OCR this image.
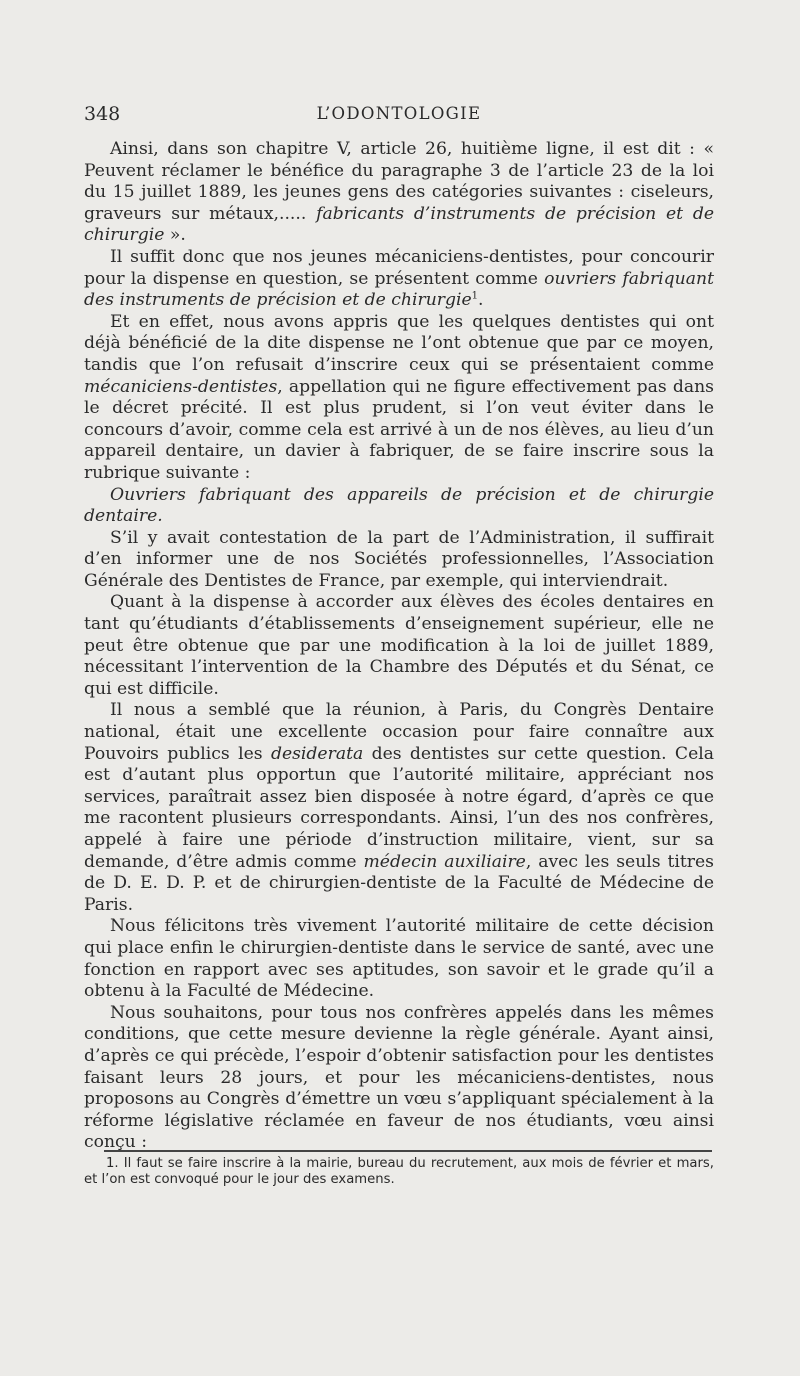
348	L’ODONTOLOGIE

Ainsi, dans son chapitre V, article 26, huitième ligne, il est dit : « Peuvent réclamer le bénéfice du paragraphe 3 de l’article 23 de la loi du 15 juillet 1889, les jeunes gens des catégories suivantes : ciseleurs, graveurs sur métaux,..... fabricants d’instruments de précision et de chirurgie ».

Il suffit donc que nos jeunes mécaniciens-dentistes, pour concourir pour la dispense en question, se présentent comme ouvriers fabriquant des instruments de précision et de chirurgie$^1$.

Et en effet, nous avons appris que les quelques dentistes qui ont déjà bénéficié de la dite dispense ne l’ont obtenue que par ce moyen, tandis que l’on refusait d’inscrire ceux qui se présentaient comme mécaniciens-dentistes, appellation qui ne figure effectivement pas dans le décret précité. Il est plus prudent, si l’on veut éviter dans le concours d’avoir, comme cela est arrivé à un de nos élèves, au lieu d’un appareil dentaire, un davier à fabriquer, de se faire inscrire sous la rubrique suivante :

Ouvriers fabriquant des appareils de précision et de chirurgie dentaire.

S’il y avait contestation de la part de l’Administration, il suffirait d’en informer une de nos Sociétés professionnelles, l’Association Générale des Dentistes de France, par exemple, qui interviendrait.

Quant à la dispense à accorder aux élèves des écoles dentaires en tant qu’étudiants d’établissements d’enseignement supérieur, elle ne peut être obtenue que par une modification à la loi de juillet 1889, nécessitant l’intervention de la Chambre des Députés et du Sénat, ce qui est difficile.

Il nous a semblé que la réunion, à Paris, du Congrès Dentaire national, était une excellente occasion pour faire connaître aux Pouvoirs publics les desiderata des dentistes sur cette question. Cela est d’autant plus opportun que l’autorité militaire, appréciant nos services, paraîtrait assez bien disposée à notre égard, d’après ce que me racontent plusieurs correspondants. Ainsi, l’un des nos confrères, appelé à faire une période d’instruction militaire, vient, sur sa demande, d’être admis comme médecin auxiliaire, avec les seuls titres de D. E. D. P. et de chirurgien-dentiste de la Faculté de Médecine de Paris.

Nous félicitons très vivement l’autorité militaire de cette décision qui place enfin le chirurgien-dentiste dans le service de santé, avec une fonction en rapport avec ses aptitudes, son savoir et le grade qu’il a obtenu à la Faculté de Médecine.

Nous souhaitons, pour tous nos confrères appelés dans les mêmes conditions, que cette mesure devienne la règle générale. Ayant ainsi, d’après ce qui précède, l’espoir d’obtenir satisfaction pour les dentistes faisant leurs 28 jours, et pour les mécaniciens-dentistes, nous proposons au Congrès d’émettre un vœu s’appliquant spécialement à la réforme législative réclamée en faveur de nos étudiants, vœu ainsi conçu :

1. Il faut se faire inscrire à la mairie, bureau du recrutement, aux mois de février et mars, et l’on est convoqué pour le jour des examens.
